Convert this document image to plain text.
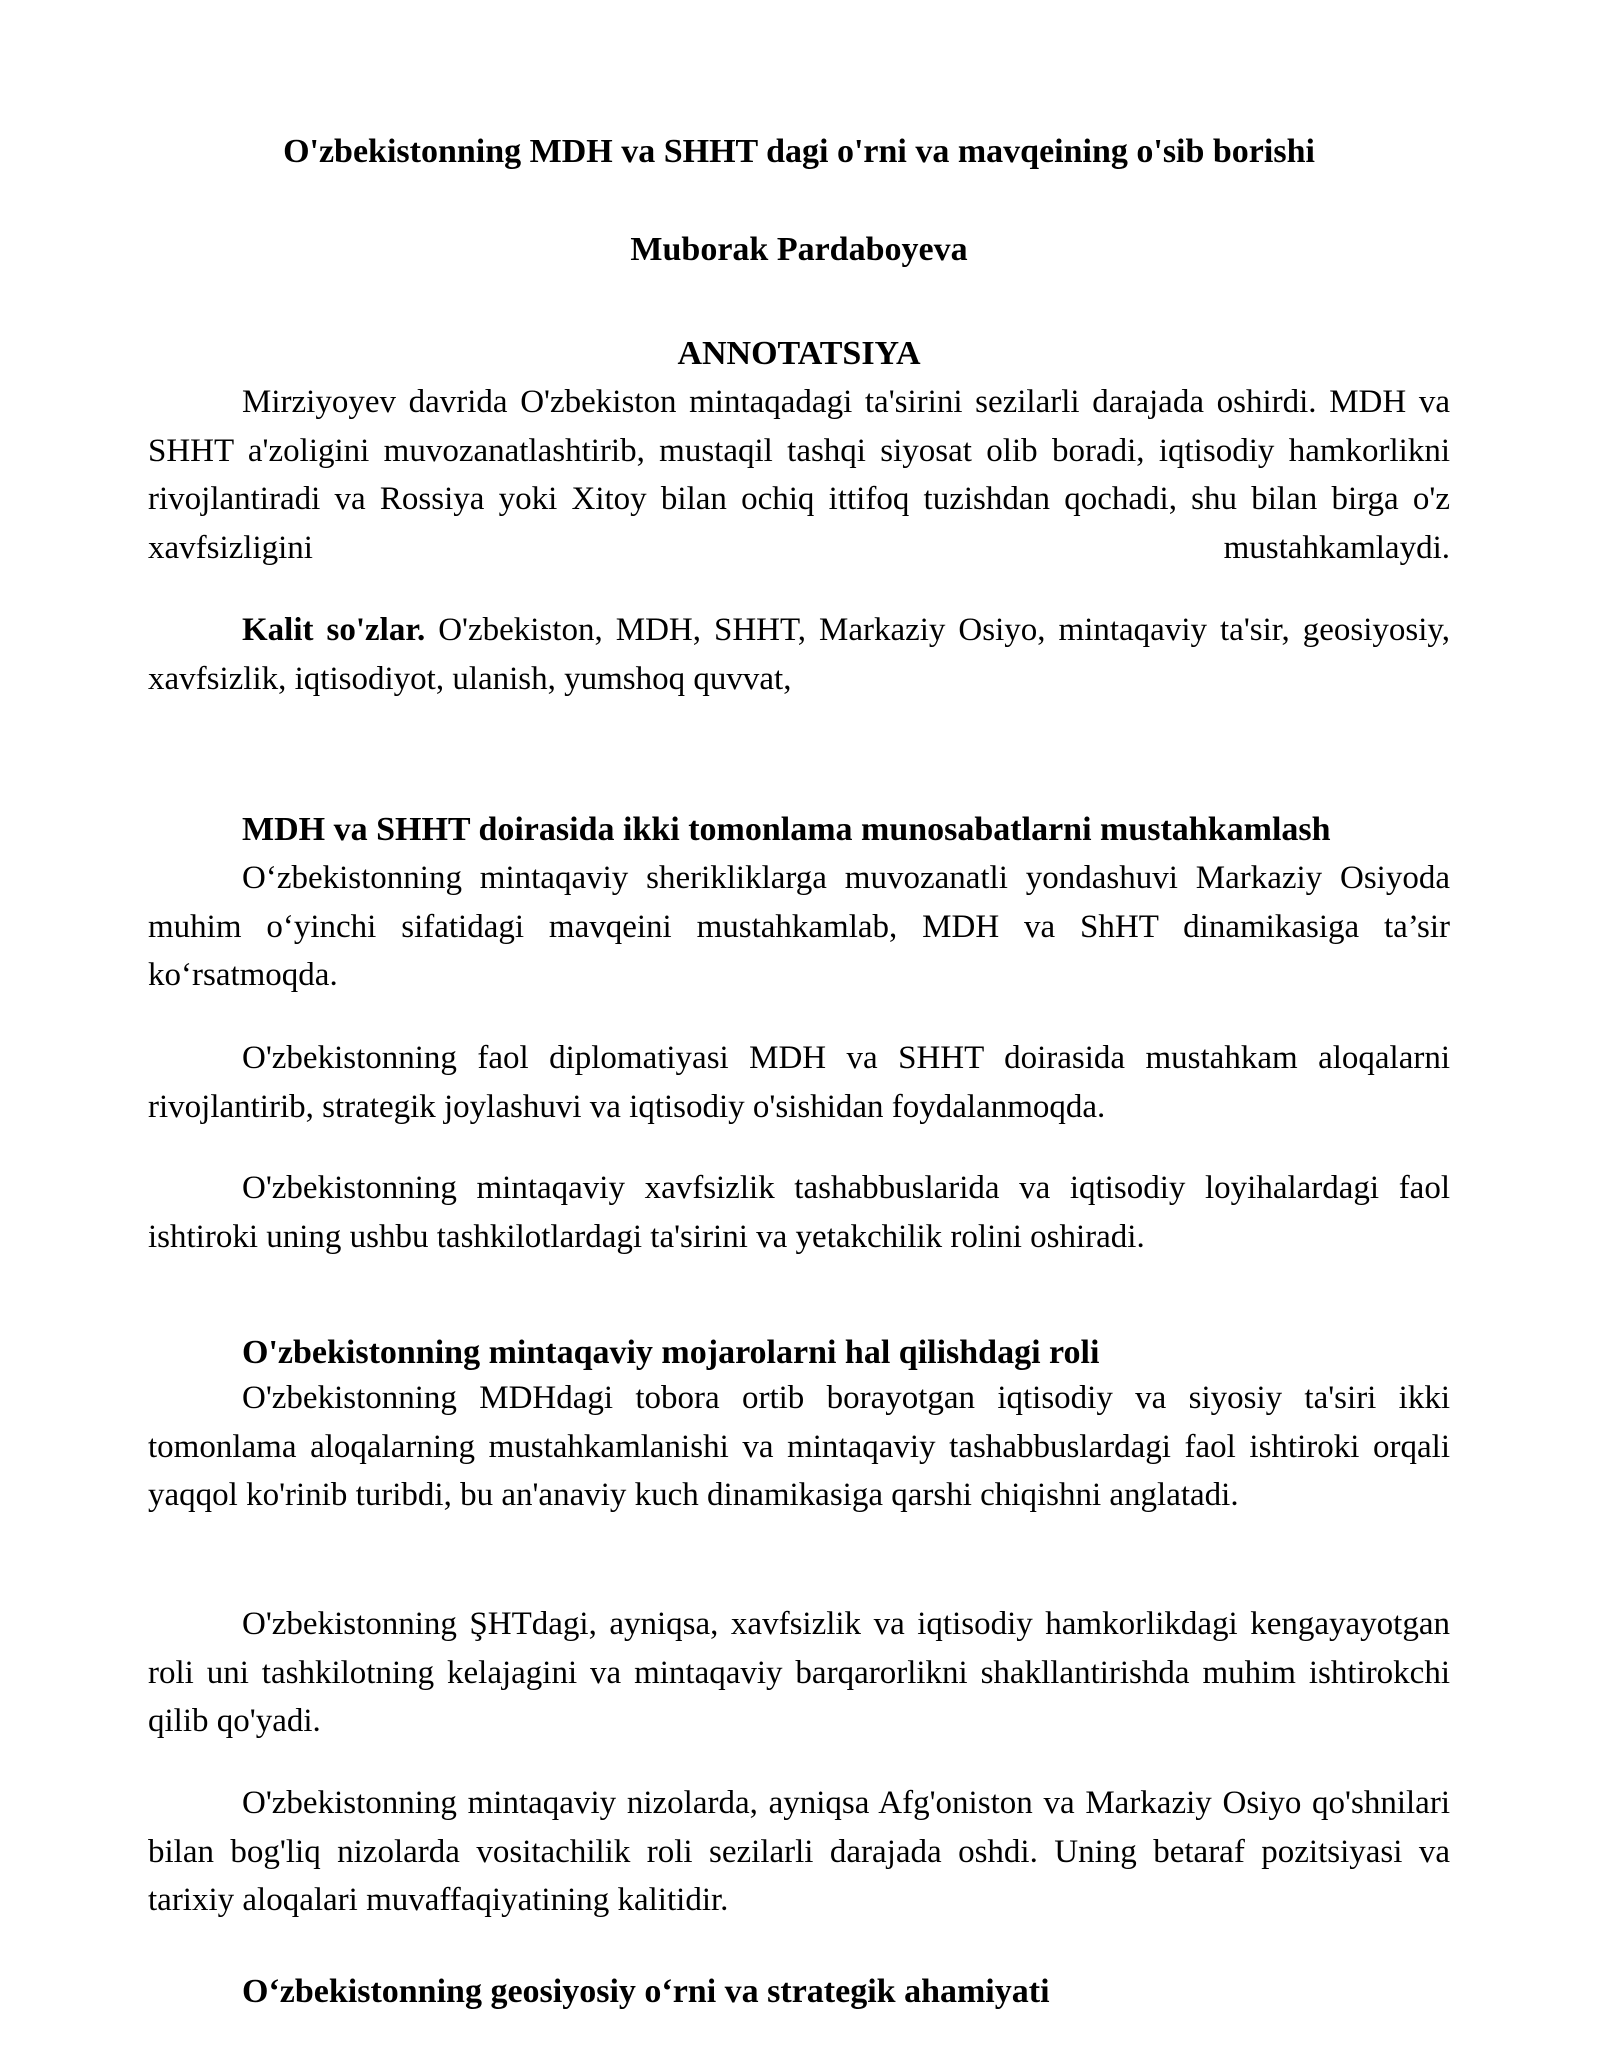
O'zbekistonning MDH va SHHT dagi o'rni va mavqeining o'sib borishi
Muborak Pardaboyeva
ANNOTATSIYA

Mirziyoyev davrida O'zbekiston mintaqadagi ta'sirini sezilarli darajada oshirdi. MDH va SHHT a'zoligini muvozanatlashtirib, mustaqil tashqi siyosat olib boradi, iqtisodiy hamkorlikni rivojlantiradi va Rossiya yoki Xitoy bilan ochiq ittifoq tuzishdan qochadi, shu bilan birga o'z xavfsizligini mustahkamlaydi.

Kalit so'zlar. O'zbekiston, MDH, SHHT, Markaziy Osiyo, mintaqaviy ta'sir, geosiyosiy, xavfsizlik, iqtisodiyot, ulanish, yumshoq quvvat,

MDH va SHHT doirasida ikki tomonlama munosabatlarni mustahkamlash

O‘zbekistonning mintaqaviy sherikliklarga muvozanatli yondashuvi Markaziy Osiyoda muhim o‘yinchi sifatidagi mavqeini mustahkamlab, MDH va ShHT dinamikasiga ta’sir ko‘rsatmoqda.

O'zbekistonning faol diplomatiyasi MDH va SHHT doirasida mustahkam aloqalarni rivojlantirib, strategik joylashuvi va iqtisodiy o'sishidan foydalanmoqda.

O'zbekistonning mintaqaviy xavfsizlik tashabbuslarida va iqtisodiy loyihalardagi faol ishtiroki uning ushbu tashkilotlardagi ta'sirini va yetakchilik rolini oshiradi.

O'zbekistonning mintaqaviy mojarolarni hal qilishdagi roli

O'zbekistonning MDHdagi tobora ortib borayotgan iqtisodiy va siyosiy ta'siri ikki tomonlama aloqalarning mustahkamlanishi va mintaqaviy tashabbuslardagi faol ishtiroki orqali yaqqol ko'rinib turibdi, bu an'anaviy kuch dinamikasiga qarshi chiqishni anglatadi.

O'zbekistonning ŞHTdagi, ayniqsa, xavfsizlik va iqtisodiy hamkorlikdagi kengayayotgan roli uni tashkilotning kelajagini va mintaqaviy barqarorlikni shakllantirishda muhim ishtirokchi qilib qo'yadi.

O'zbekistonning mintaqaviy nizolarda, ayniqsa Afg'oniston va Markaziy Osiyo qo'shnilari bilan bog'liq nizolarda vositachilik roli sezilarli darajada oshdi. Uning betaraf pozitsiyasi va tarixiy aloqalari muvaffaqiyatining kalitidir.

O‘zbekistonning geosiyosiy o‘rni va strategik ahamiyati
